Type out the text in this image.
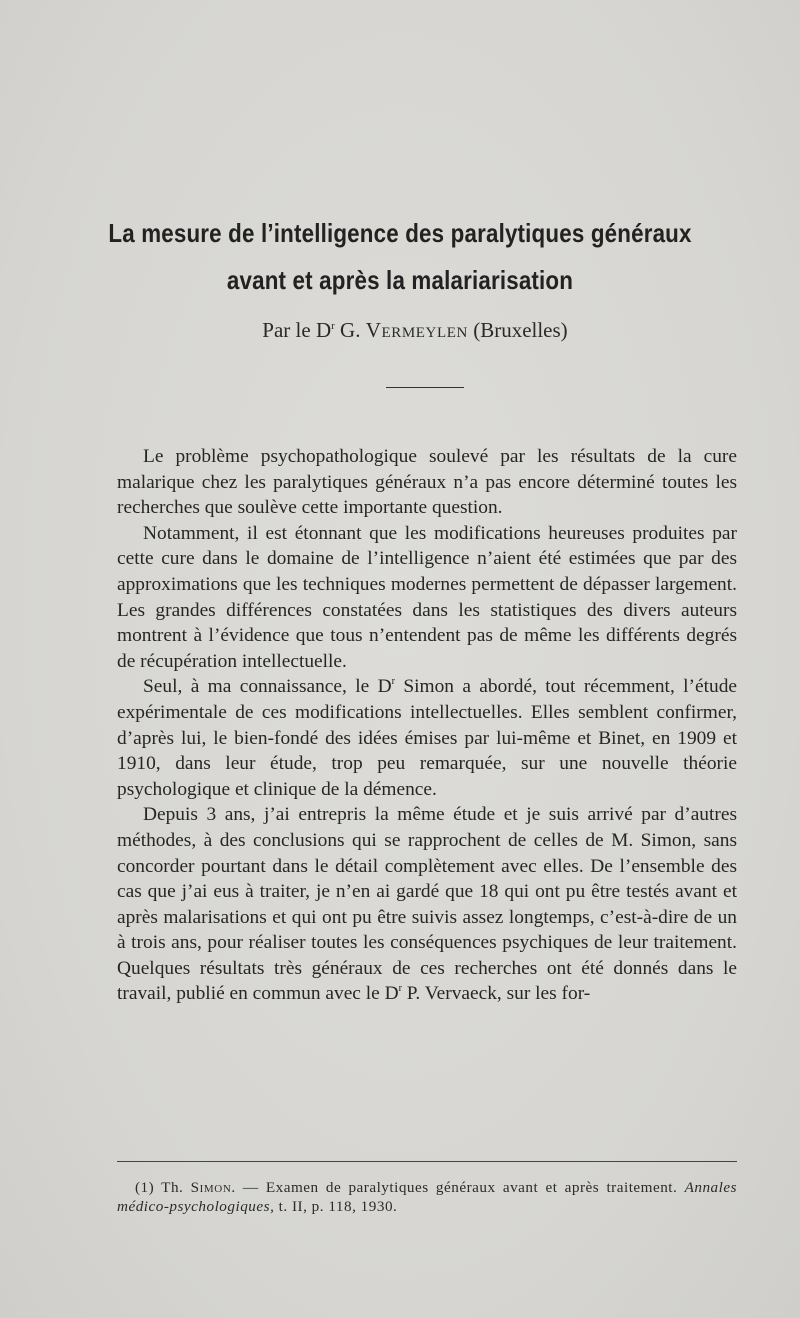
La mesure de l’intelligence des paralytiques généraux
avant et après la malariarisation
Par le $D^r$ G. Vermeylen (Bruxelles)

Le problème psychopathologique soulevé par les résultats de la cure malarique chez les paralytiques généraux n’a pas encore déterminé toutes les recherches que soulève cette importante question.

Notamment, il est étonnant que les modifications heureuses produites par cette cure dans le domaine de l’intelligence n’aient été estimées que par des approximations que les techniques modernes permettent de dépasser largement. Les grandes différences constatées dans les statistiques des divers auteurs montrent à l’évidence que tous n’entendent pas de même les différents degrés de récupération intellectuelle.

Seul, à ma connaissance, le $D^r$ Simon a abordé, tout récemment, l’étude expérimentale de ces modifications intellectuelles. Elles semblent confirmer, d’après lui, le bien-fondé des idées émises par lui-même et Binet, en 1909 et 1910, dans leur étude, trop peu remarquée, sur une nouvelle théorie psychologique et clinique de la démence.

Depuis 3 ans, j’ai entrepris la même étude et je suis arrivé par d’autres méthodes, à des conclusions qui se rapprochent de celles de M. Simon, sans concorder pourtant dans le détail complètement avec elles. De l’ensemble des cas que j’ai eus à traiter, je n’en ai gardé que 18 qui ont pu être testés avant et après malarisations et qui ont pu être suivis assez longtemps, c’est-à-dire de un à trois ans, pour réaliser toutes les conséquences psychiques de leur traitement. Quelques résultats très généraux de ces recherches ont été donnés dans le travail, publié en commun avec le $D^r$ P. Vervaeck, sur les for-

(1) Th. Simon. — Examen de paralytiques généraux avant et après traitement. Annales médico-psychologiques, t. II, p. 118, 1930.
